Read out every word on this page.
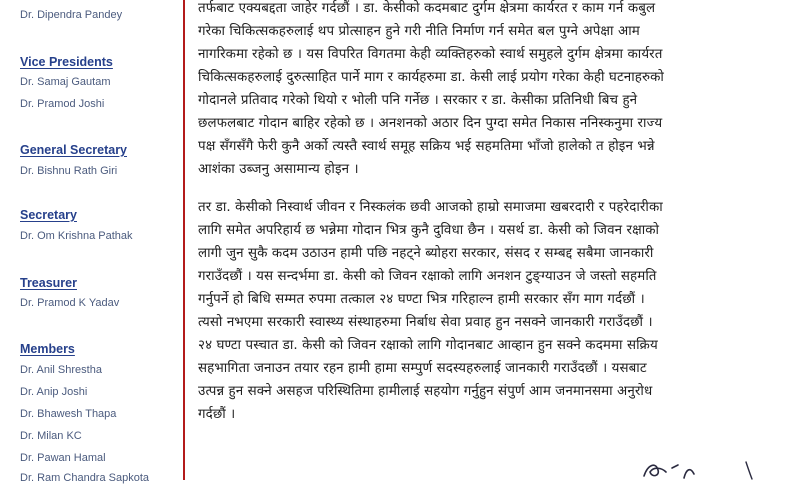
Dr. Dipendra Pandey
Vice Presidents
Dr. Samaj Gautam
Dr. Pramod Joshi
General Secretary
Dr. Bishnu Rath Giri
Secretary
Dr. Om Krishna Pathak
Treasurer
Dr. Pramod K Yadav
Members
Dr. Anil Shrestha
Dr. Anip Joshi
Dr. Bhawesh Thapa
Dr. Milan KC
Dr. Pawan Hamal
Dr. Ram Chandra Sapkota
तर्फबाट एक्यबद्दता जाहेर गर्दछौं । डा. केसीको कदमबाट दुर्गम क्षेत्रमा कार्यरत र काम गर्न कबुल
गरेका चिकित्सकहरुलाई थप प्रोत्साहन हुने गरी नीति निर्माण गर्न समेत बल पुग्ने अपेक्षा आम
नागरिकमा रहेको छ । यस विपरित विगतमा केही व्यक्तिहरुको स्वार्थ समुहले दुर्गम क्षेत्रमा कार्यरत
चिकित्सकहरुलाई दुरुत्साहित पार्ने माग र कार्यहरुमा डा. केसी लाई प्रयोग गरेका केही घटनाहरुको
गोदानले प्रतिवाद गरेको थियो र भोली पनि गर्नेछ । सरकार र डा. केसीका प्रतिनिधी बिच हुने
छलफलबाट गोदान बाहिर रहेको छ । अनशनको अठार दिन पुग्दा समेत निकास ननिस्कनुमा राज्य
पक्ष सँगसँगै फेरी कुनै अर्को त्यस्तै स्वार्थ समूह सक्रिय भई सहमतिमा भाँजो हालेको त होइन भन्ने
आशंका उब्जनु असामान्य होइन ।
तर डा. केसीको निस्वार्थ जीवन र निस्कलंक छवी आजको हाम्रो समाजमा खबरदारी र पहरेदारीका
लागि समेत अपरिहार्य छ भन्नेमा गोदान भित्र कुनै दुविधा छैन । यसर्थ डा. केसी को जिवन रक्षाको
लागी जुन सुकै कदम उठाउन हामी पछि नहट्ने ब्योहरा सरकार, संसद र सम्बद्द सबैमा जानकारी
गराउँदछौं । यस सन्दर्भमा डा. केसी को जिवन रक्षाको लागि अनशन टुङ्ग्याउन जे जस्तो सहमति
गर्नुपर्ने हो बिधि सम्मत रुपमा तत्काल २४ घण्टा भित्र गरिहाल्न हामी सरकार सँग माग गर्दछौं ।
त्यसो नभएमा सरकारी स्वास्थ्य संस्थाहरुमा निर्बाध सेवा प्रवाह हुन नसक्ने जानकारी गराउँदछौं ।
२४ घण्टा पस्चात डा. केसी को जिवन रक्षाको लागि गोदानबाट आव्हान हुन सक्ने कदममा सक्रिय
सहभागिता जनाउन तयार रहन हामी हामा सम्पुर्ण सदस्यहरुलाई जानकारी गराउँदछौं । यसबाट
उत्पन्न हुन सक्ने असहज परिस्थितिमा हामीलाई सहयोग गर्नुहुन संपुर्ण आम जनमानसमा अनुरोध
गर्दछौं ।
